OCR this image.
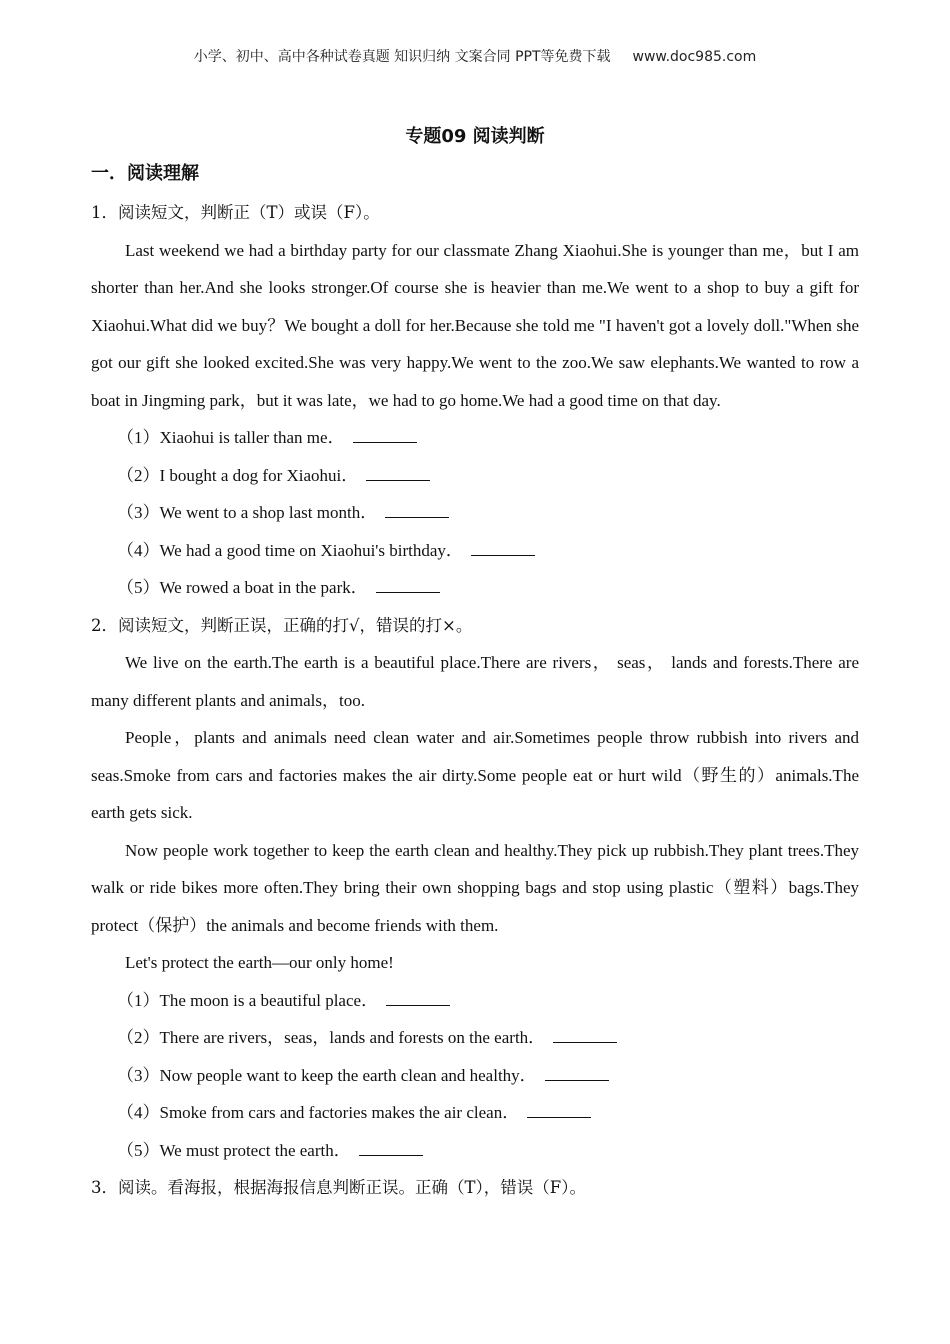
小学、初中、高中各种试卷真题 知识归纳 文案合同 PPT等免费下载 www.doc985.com
专题09 阅读判断
一．阅读理解

1．阅读短文，判断正（T）或误（F）。

Last weekend we had a birthday party for our classmate Zhang Xiaohui.She is younger than me，but I am shorter than her.And she looks stronger.Of course she is heavier than me.We went to a shop to buy a gift for Xiaohui.What did we buy？We bought a doll for her.Because she told me "I haven't got a lovely doll."When she got our gift she looked excited.She was very happy.We went to the zoo.We saw elephants.We wanted to row a boat in Jingming park，but it was late，we had to go home.We had a good time on that day.

（1）Xiaohui is taller than me．

（2）I bought a dog for Xiaohui．

（3）We went to a shop last month．

（4）We had a good time on Xiaohui's birthday．

（5）We rowed a boat in the park．

2．阅读短文，判断正误，正确的打√，错误的打×。

We live on the earth.The earth is a beautiful place.There are rivers， seas， lands and forests.There are many different plants and animals，too.

People，plants and animals need clean water and air.Sometimes people throw rubbish into rivers and seas.Smoke from cars and factories makes the air dirty.Some people eat or hurt wild（野生的）animals.The earth gets sick.

Now people work together to keep the earth clean and healthy.They pick up rubbish.They plant trees.They walk or ride bikes more often.They bring their own shopping bags and stop using plastic（塑料）bags.They protect（保护）the animals and become friends with them.

Let's protect the earth—our only home!

（1）The moon is a beautiful place．

（2）There are rivers，seas，lands and forests on the earth．

（3）Now people want to keep the earth clean and healthy．

（4）Smoke from cars and factories makes the air clean．

（5）We must protect the earth．

3．阅读。看海报，根据海报信息判断正误。正确（T），错误（F）。
